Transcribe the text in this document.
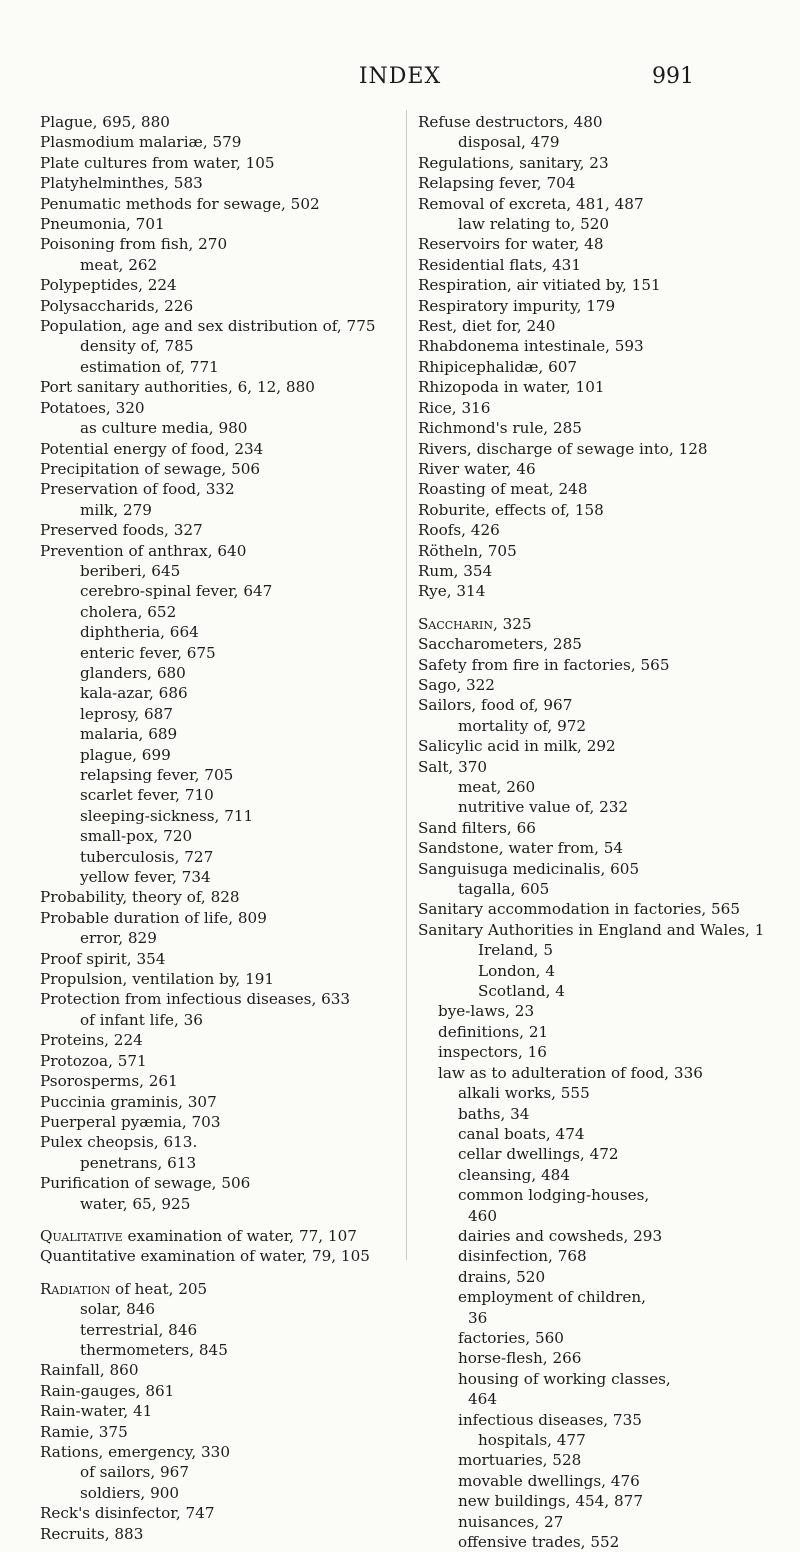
INDEX	991
Plague, 695, 880
Plasmodium malariæ, 579
Plate cultures from water, 105
Platyhelminthes, 583
Penumatic methods for sewage, 502
Pneumonia, 701
Poisoning from fish, 270
meat, 262
Polypeptides, 224
Polysaccharids, 226
Population, age and sex distribution of, 775
density of, 785
estimation of, 771
Port sanitary authorities, 6, 12, 880
Potatoes, 320
as culture media, 980
Potential energy of food, 234
Precipitation of sewage, 506
Preservation of food, 332
milk, 279
Preserved foods, 327
Prevention of anthrax, 640
beriberi, 645
cerebro-spinal fever, 647
cholera, 652
diphtheria, 664
enteric fever, 675
glanders, 680
kala-azar, 686
leprosy, 687
malaria, 689
plague, 699
relapsing fever, 705
scarlet fever, 710
sleeping-sickness, 711
small-pox, 720
tuberculosis, 727
yellow fever, 734
Probability, theory of, 828
Probable duration of life, 809
error, 829
Proof spirit, 354
Propulsion, ventilation by, 191
Protection from infectious diseases, 633
of infant life, 36
Proteins, 224
Protozoa, 571
Psorosperms, 261
Puccinia graminis, 307
Puerperal pyæmia, 703
Pulex cheopsis, 613.
penetrans, 613
Purification of sewage, 506
water, 65, 925
Qualitative examination of water, 77, 107
Quantitative examination of water, 79, 105
Radiation of heat, 205
solar, 846
terrestrial, 846
thermometers, 845
Rainfall, 860
Rain-gauges, 861
Rain-water, 41
Ramie, 375
Rations, emergency, 330
of sailors, 967
soldiers, 900
Reck's disinfector, 747
Recruits, 883
Refuse destructors, 480
disposal, 479
Regulations, sanitary, 23
Relapsing fever, 704
Removal of excreta, 481, 487
law relating to, 520
Reservoirs for water, 48
Residential flats, 431
Respiration, air vitiated by, 151
Respiratory impurity, 179
Rest, diet for, 240
Rhabdonema intestinale, 593
Rhipicephalidæ, 607
Rhizopoda in water, 101
Rice, 316
Richmond's rule, 285
Rivers, discharge of sewage into, 128
River water, 46
Roasting of meat, 248
Roburite, effects of, 158
Roofs, 426
Rötheln, 705
Rum, 354
Rye, 314
Saccharin, 325
Saccharometers, 285
Safety from fire in factories, 565
Sago, 322
Sailors, food of, 967
mortality of, 972
Salicylic acid in milk, 292
Salt, 370
meat, 260
nutritive value of, 232
Sand filters, 66
Sandstone, water from, 54
Sanguisuga medicinalis, 605
tagalla, 605
Sanitary accommodation in factories, 565
Sanitary Authorities in England and Wales, 1
Ireland, 5
London, 4
Scotland, 4
bye-laws, 23
definitions, 21
inspectors, 16
law as to adulteration of food, 336
alkali works, 555
baths, 34
canal boats, 474
cellar dwellings, 472
cleansing, 484
common lodging-houses,
460
dairies and cowsheds, 293
disinfection, 768
drains, 520
employment of children,
36
factories, 560
horse-flesh, 266
housing of working classes,
464
infectious diseases, 735
hospitals, 477
mortuaries, 528
movable dwellings, 476
new buildings, 454, 877
nuisances, 27
offensive trades, 552
